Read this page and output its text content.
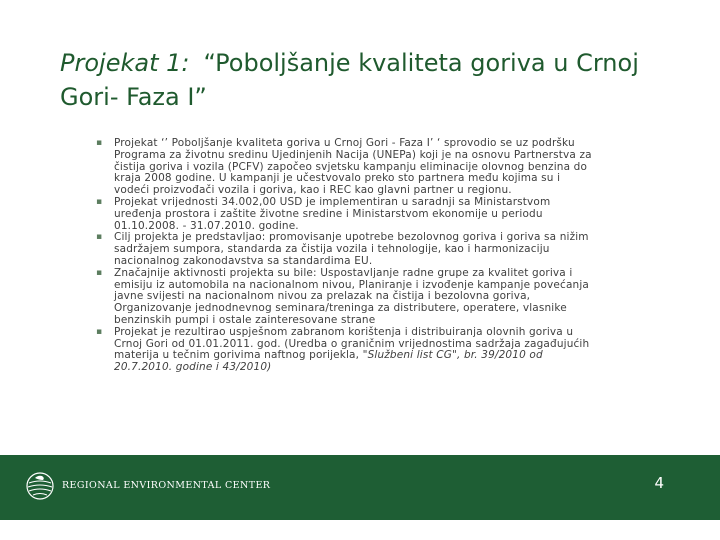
Projekat 1: “Poboljšanje kvaliteta goriva u Crnoj Gori- Faza I”
▪ Projekat ‘’ Poboljšanje kvaliteta goriva u Crnoj Gori - Faza I’ ‘ sprovodio se uz podršku Programa za životnu sredinu Ujedinjenih Nacija (UNEPa) koji je na osnovu Partnerstva za čistija goriva i vozila (PCFV) započeo svjetsku kampanju eliminacije olovnog benzina do kraja 2008 godine. U kampanji je učestvovalo preko sto partnera među kojima su i vodeći proizvođači vozila i goriva, kao i REC kao glavni partner u regionu.
▪ Projekat vrijednosti 34.002,00 USD je implementiran u saradnji sa Ministarstvom uređenja prostora i zaštite životne sredine i Ministarstvom ekonomije u periodu 01.10.2008. - 31.07.2010. godine.
▪ Cilj projekta je predstavljao: promovisanje upotrebe bezolovnog goriva i goriva sa nižim sadržajem sumpora, standarda za čistija vozila i tehnologije, kao i harmonizaciju nacionalnog zakonodavstva sa standardima EU.
▪ Značajnije aktivnosti projekta su bile: Uspostavljanje radne grupe za kvalitet goriva i emisiju iz automobila na nacionalnom nivou, Planiranje i izvođenje kampanje povećanja javne svijesti na nacionalnom nivou za prelazak na čistija i bezolovna goriva, Organizovanje jednodnevnog seminara/treninga za distributere, operatere, vlasnike benzinskih pumpi i ostale zainteresovane strane
▪ Projekat je rezultirao uspješnom zabranom korištenja i distribuiranja olovnih goriva u Crnoj Gori od 01.01.2011. god. (Uredba o graničnim vrijednostima sadržaja zagađujućih materija u tečnim gorivima naftnog porijekla, "Službeni list CG", br. 39/2010 od 20.7.2010. godine i 43/2010)
REGIONAL ENVIRONMENTAL CENTER	4
